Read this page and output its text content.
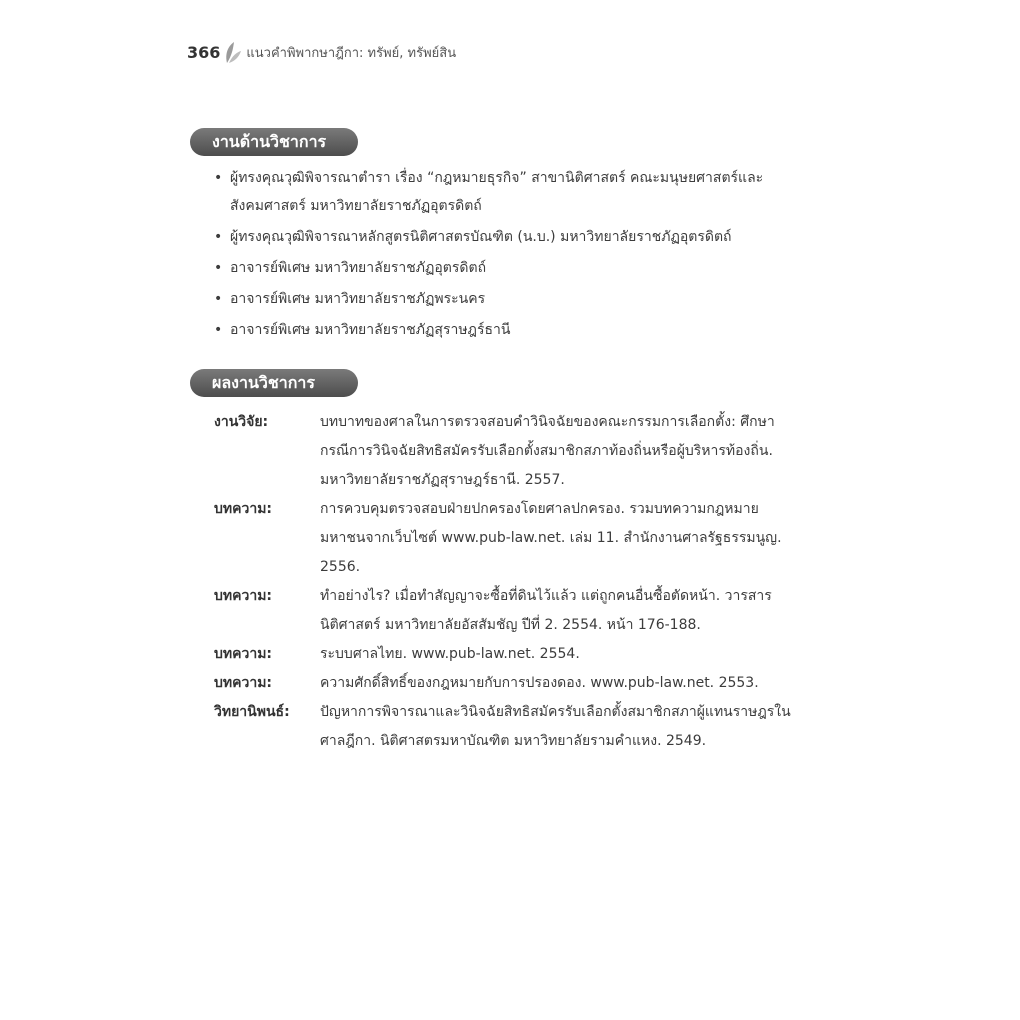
366 แนวคำพิพากษาฎีกา: ทรัพย์, ทรัพย์สิน
งานด้านวิชาการ
• ผู้ทรงคุณวุฒิพิจารณาตำรา เรื่อง “กฎหมายธุรกิจ” สาขานิติศาสตร์ คณะมนุษยศาสตร์และสังคมศาสตร์ มหาวิทยาลัยราชภัฏอุตรดิตถ์
• ผู้ทรงคุณวุฒิพิจารณาหลักสูตรนิติศาสตรบัณฑิต (น.บ.) มหาวิทยาลัยราชภัฏอุตรดิตถ์
• อาจารย์พิเศษ มหาวิทยาลัยราชภัฏอุตรดิตถ์
• อาจารย์พิเศษ มหาวิทยาลัยราชภัฏพระนคร
• อาจารย์พิเศษ มหาวิทยาลัยราชภัฏสุราษฎร์ธานี
ผลงานวิชาการ
งานวิจัย:	บทบาทของศาลในการตรวจสอบคำวินิจฉัยของคณะกรรมการเลือกตั้ง: ศึกษากรณีการวินิจฉัยสิทธิสมัครรับเลือกตั้งสมาชิกสภาท้องถิ่นหรือผู้บริหารท้องถิ่น. มหาวิทยาลัยราชภัฏสุราษฎร์ธานี. 2557.
บทความ:	การควบคุมตรวจสอบฝ่ายปกครองโดยศาลปกครอง. รวมบทความกฎหมายมหาชนจากเว็บไซต์ www.pub-law.net. เล่ม 11. สำนักงานศาลรัฐธรรมนูญ. 2556.
บทความ:	ทำอย่างไร? เมื่อทำสัญญาจะซื้อที่ดินไว้แล้ว แต่ถูกคนอื่นซื้อตัดหน้า. วารสารนิติศาสตร์ มหาวิทยาลัยอัสสัมชัญ ปีที่ 2. 2554. หน้า 176-188.
บทความ:	ระบบศาลไทย. www.pub-law.net. 2554.
บทความ:	ความศักดิ์สิทธิ์ของกฎหมายกับการปรองดอง. www.pub-law.net. 2553.
วิทยานิพนธ์:	ปัญหาการพิจารณาและวินิจฉัยสิทธิสมัครรับเลือกตั้งสมาชิกสภาผู้แทนราษฎรในศาลฎีกา. นิติศาสตรมหาบัณฑิต มหาวิทยาลัยรามคำแหง. 2549.
